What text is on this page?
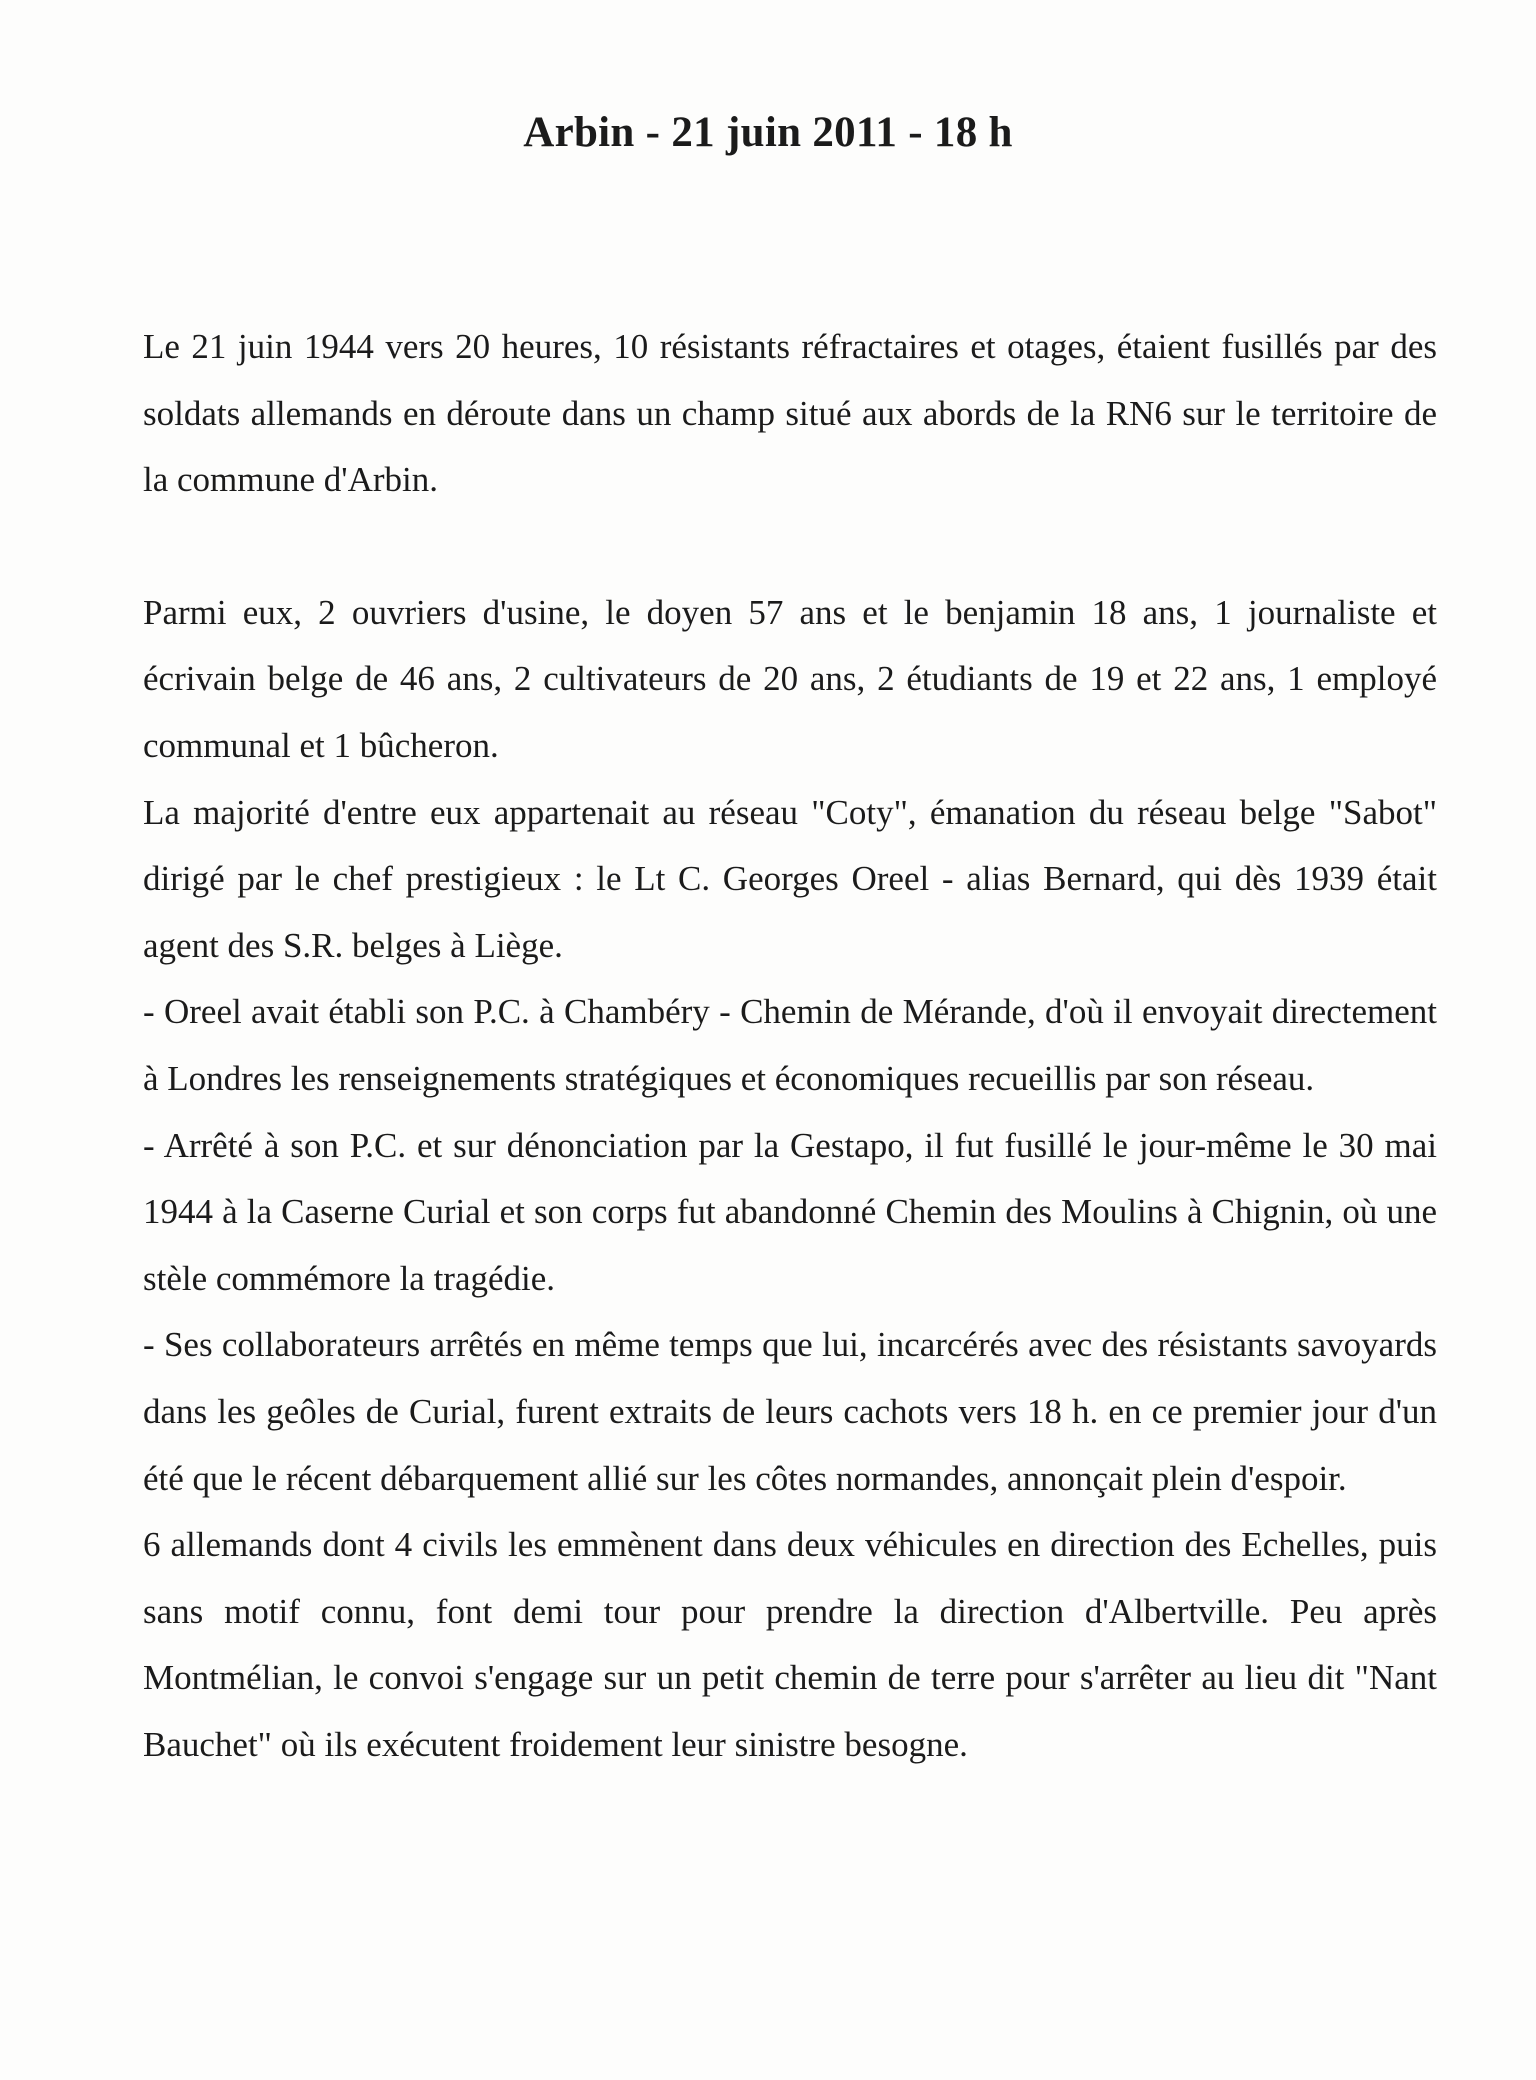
Arbin - 21 juin 2011 - 18 h

Le 21 juin 1944 vers 20 heures, 10 résistants réfractaires et otages, étaient fusillés par des soldats allemands en déroute dans un champ situé aux abords de la RN6 sur le territoire de la commune d'Arbin.

Parmi eux, 2 ouvriers d'usine, le doyen 57 ans et le benjamin 18 ans, 1 journaliste et écrivain belge de 46 ans, 2 cultivateurs de 20 ans, 2 étudiants de 19 et 22 ans, 1 employé communal et 1 bûcheron.

La majorité d'entre eux appartenait au réseau "Coty", émanation du réseau belge "Sabot" dirigé par le chef prestigieux : le Lt C. Georges Oreel - alias Bernard, qui dès 1939 était agent des S.R. belges à Liège.

- Oreel avait établi son P.C. à Chambéry - Chemin de Mérande, d'où il envoyait directement à Londres les renseignements stratégiques et économiques recueillis par son réseau.

- Arrêté à son P.C. et sur dénonciation par la Gestapo, il fut fusillé le jour-même le 30 mai 1944 à la Caserne Curial et son corps fut abandonné Chemin des Moulins à Chignin, où une stèle commémore la tragédie.

- Ses collaborateurs arrêtés en même temps que lui, incarcérés avec des résistants savoyards dans les geôles de Curial, furent extraits de leurs cachots vers 18 h. en ce premier jour d'un été que le récent débarquement allié sur les côtes normandes, annonçait plein d'espoir.

6 allemands dont 4 civils les emmènent dans deux véhicules en direction des Echelles, puis sans motif connu, font demi tour pour prendre la direction d'Albertville. Peu après Montmélian, le convoi s'engage sur un petit chemin de terre pour s'arrêter au lieu dit "Nant Bauchet" où ils exécutent froidement leur sinistre besogne.
